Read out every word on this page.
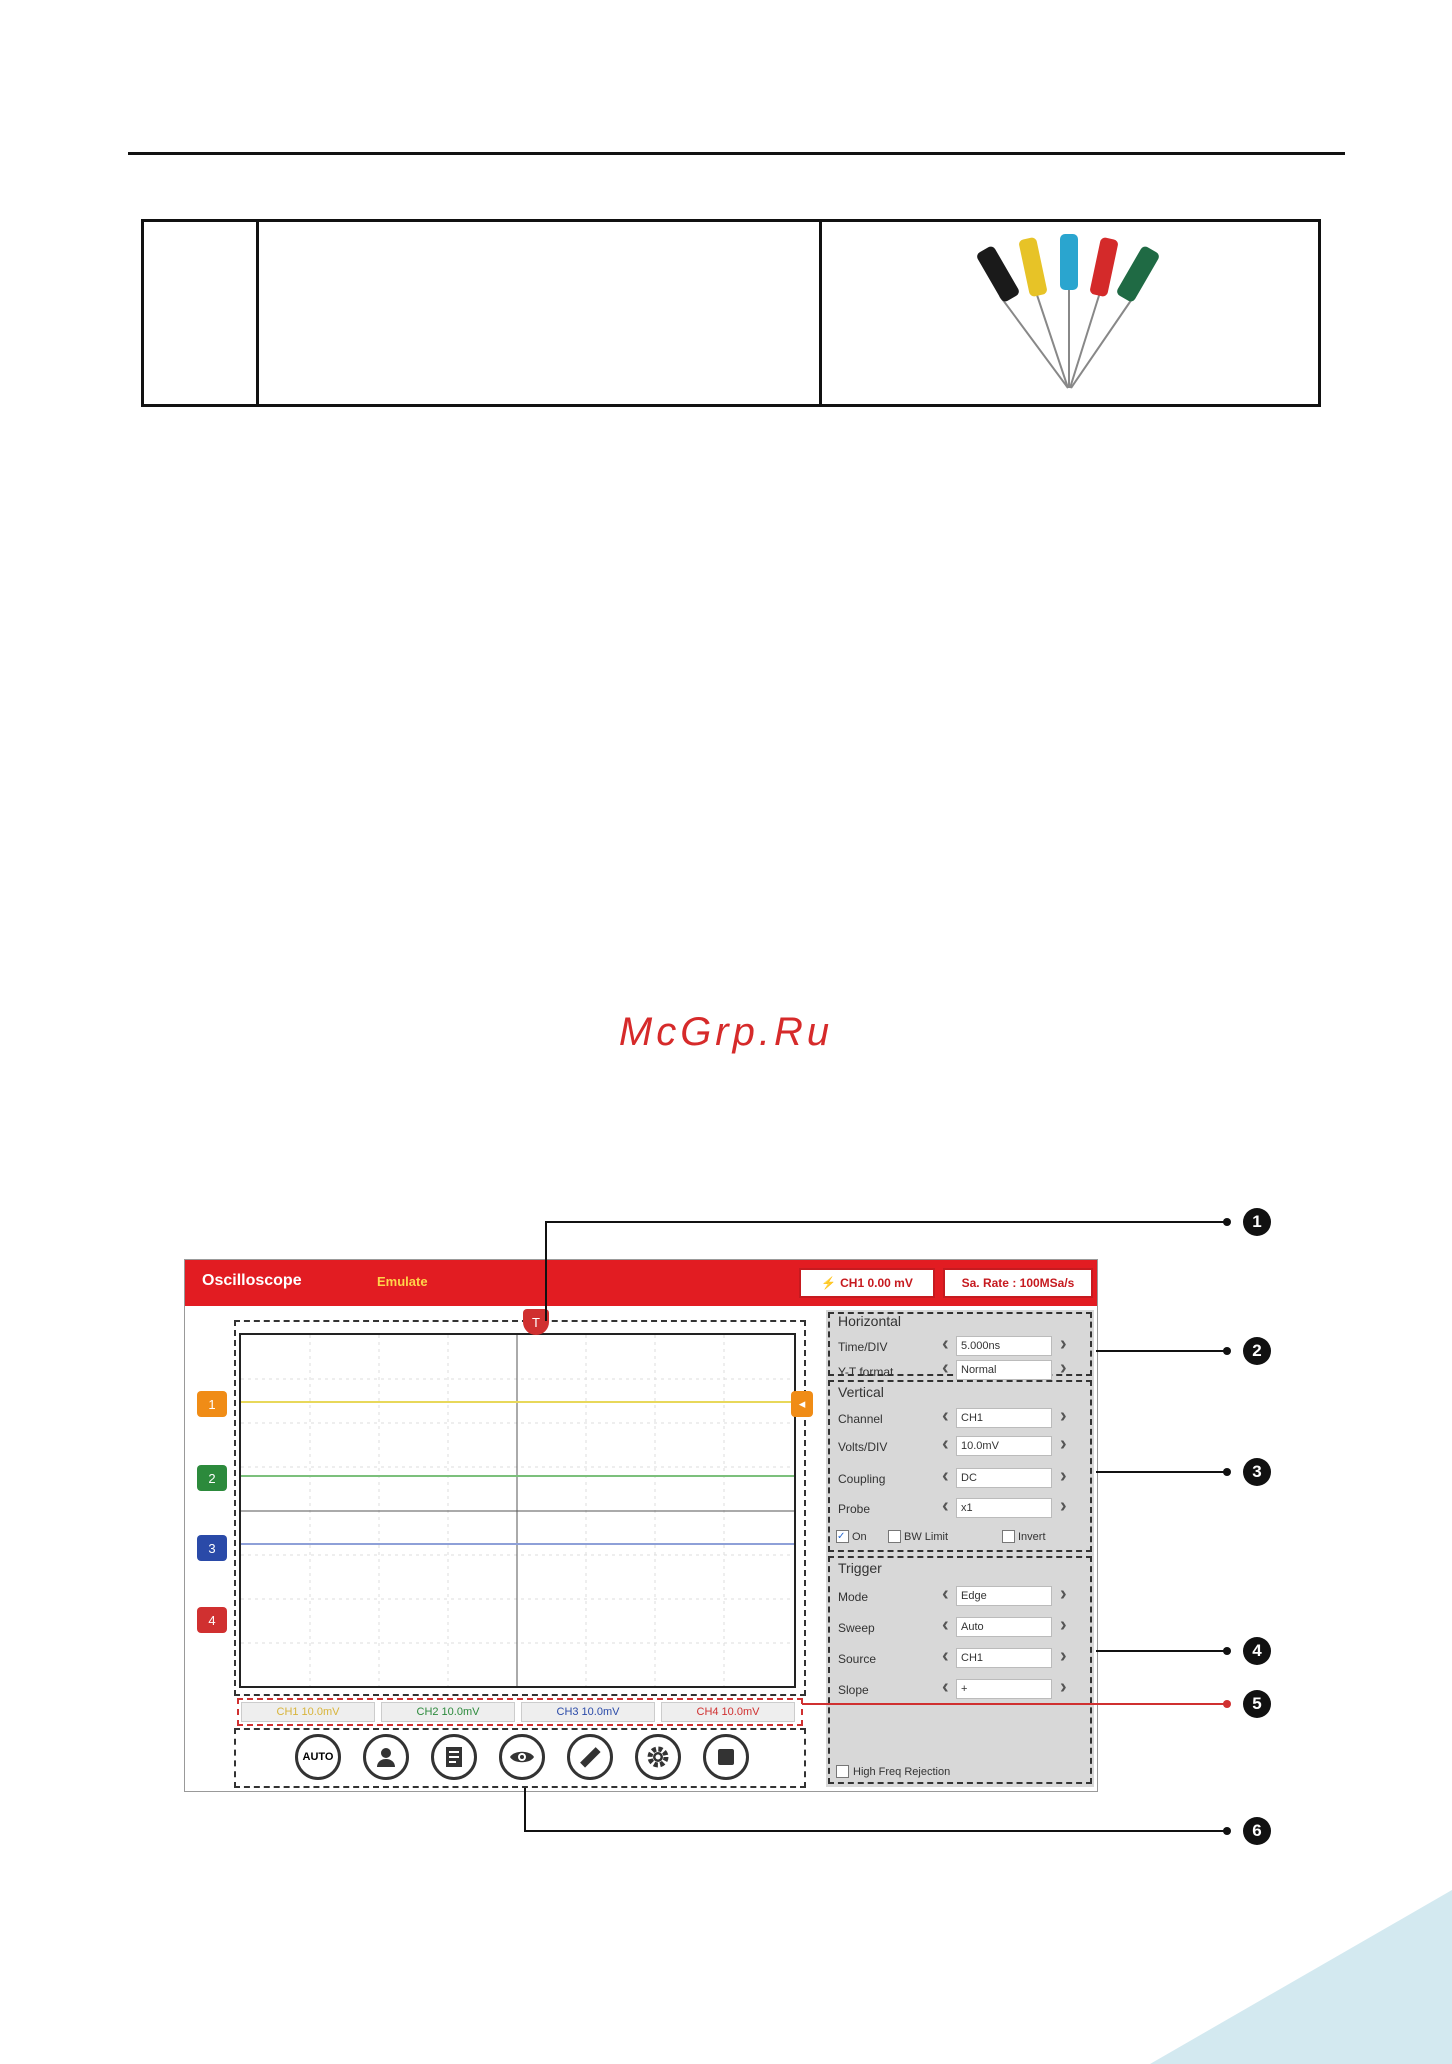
McGrp.Ru
Oscilloscope	Emulate	⚡ CH1 0.00 mV	Sa. Rate : 100MSa/s
T
◂
1
2
3
4
CH1 10.0mV	CH2 10.0mV	CH3 10.0mV	CH4 10.0mV
AUTO
Horizontal
Time/DIV	‹	5.000ns	›
Y-T format ‹	Normal	›
Vertical
Channel	‹	CH1	›
Volts/DIV	‹	10.0mV	›
Coupling	‹	DC	›
Probe	‹	x1	›
✓ On	BW Limit	Invert
Trigger
Mode	‹	Edge	›
Sweep	‹	Auto	›
Source	‹	CH1	›
Slope	‹	+	›
High Freq Rejection
1
2
3
4
5
6
